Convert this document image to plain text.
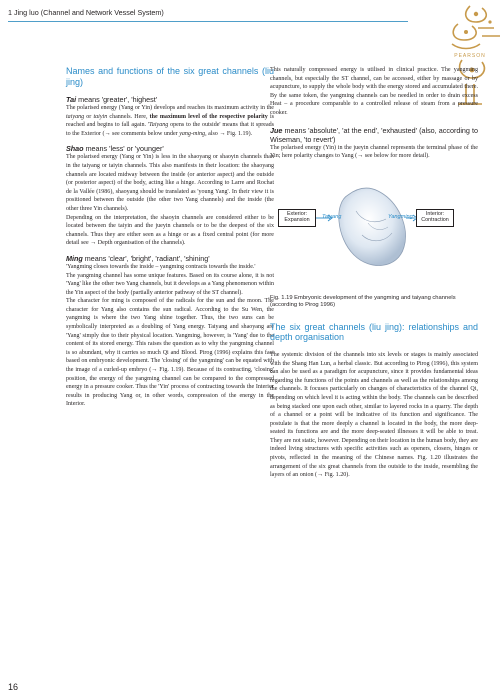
1 Jing luo (Channel and Network Vessel System)
PEARSON
Names and functions of the six great channels (liu jing)
Tai means 'greater', 'highest'

The polarised energy (Yang or Yin) develops and reaches its maximum activity in the taiyang or taiyin channels. Here, the maximum level of the respective polarity is reached and begins to fall again. 'Taiyang opens to the outside' means that it spreads to the Exterior (→ see comments below under yang-ming, also → Fig. 1.19).

Shao means 'less' or 'younger'

The polarised energy (Yang or Yin) is less in the shaoyang or shaoyin channels than in the taiyang or taiyin channels. This also manifests in their location: the shaoyang channels are located midway between the inside (or anterior aspect) and the outside (or posterior aspect) of the body, acting like a hinge. According to Larre and Rochat de la Vallée (1986), shaoyang should be translated as 'young Yang'. In their view it is positioned between the outside (the other two Yang channels) and the inside (the other three Yin channels).

Depending on the interpretation, the shaoyin channels are considered either to be located between the taiyin and the jueyin channels or to be the deepest of the six channels. Thus they are either seen as a hinge or as a fixed central point (for more detail see → Depth organisation of the channels).

Ming means 'clear', 'bright', 'radiant', 'shining'

'Yangming closes towards the inside – yangming contracts towards the inside.'

The yangming channel has some unique features. Based on its course alone, it is not 'Yang' like the other two Yang channels, but it develops as a Yang phenomenon within the Yin aspect of the body (partially anterior pathway of the ST channel).

The character for ming is composed of the radicals for the sun and the moon. The character for Yang also contains the sun radical. According to the Su Wen, the yangming is where the two Yang shine together. Thus, the two suns can be symbolically interpreted as a doubling of Yang energy. Taiyang and shaoyang are 'Yang' simply due to their physical location. Yangming, however, is 'Yang' due to the content of its stored energy. This raises the question as to why the yangming channel is so abundant, why it carries so much Qi and Blood. Pirog (1996) explains this fact based on embryonic development. The 'closing' of the yangming' can be equated with the image of a curled-up embryo (→ Fig. 1.19). Because of its contracting, 'closing' position, the energy of the yangming channel can be compared to the compressed energy in a pressure cooker. Thus the 'Yin' process of contracting towards the Interior results in producing Yang or, in other words, compression of the energy in the Interior.

This naturally compressed energy is utilised in clinical practice. The yangming channels, but especially the ST channel, can be accessed, either by massage or by acupuncture, to supply the whole body with the energy stored and accumulated there. By the same token, the yangming channels can be needled in order to drain excess Heat – a procedure comparable to a controlled release of steam from a pressure cooker.

Jue means 'absolute', 'at the end', 'exhausted' (also, according to Wiseman, 'to revert')

The polarised energy (Yin) in the jueyin channel represents the terminal phase of the Yin; here polarity changes to Yang (→ see below for more detail).

Exterior: Expansion
Interior: Contraction
Taiyang	Yangming

Fig. 1.19 Embryonic development of the yangming and taiyang channels (according to Pirog 1996)

The six great channels (liu jing): relationships and depth organisation

The systemic division of the channels into six levels or stages is mainly associated with the Shang Han Lun, a herbal classic. But according to Pirog (1996), this system can also be used as a paradigm for acupuncture, since it provides fundamental ideas regarding the functions of the points and channels as well as the relationships among the channels. It focuses particularly on changes of characteristics of the channel Qi, depending on which level it is acting within the body. The channels can be described as being stacked one upon each other, similar to layered rocks in a quarry. The depth of a channel or a point will be indicative of its function and significance. The postulate is that the more deeply a channel is located in the body, the more deep-seated its functions are and the more deep-seated illnesses it will be able to treat. They are not static, however. Depending on their location in the human body, they are indeed living structures with specific activities such as openers, closers, hinges or pivots, reflected in the meaning of the Chinese names. Fig. 1.20 illustrates the arrangement of the six great channels from the outside to the inside, resembling the layers of an onion (→ Fig. 1.20).

16
